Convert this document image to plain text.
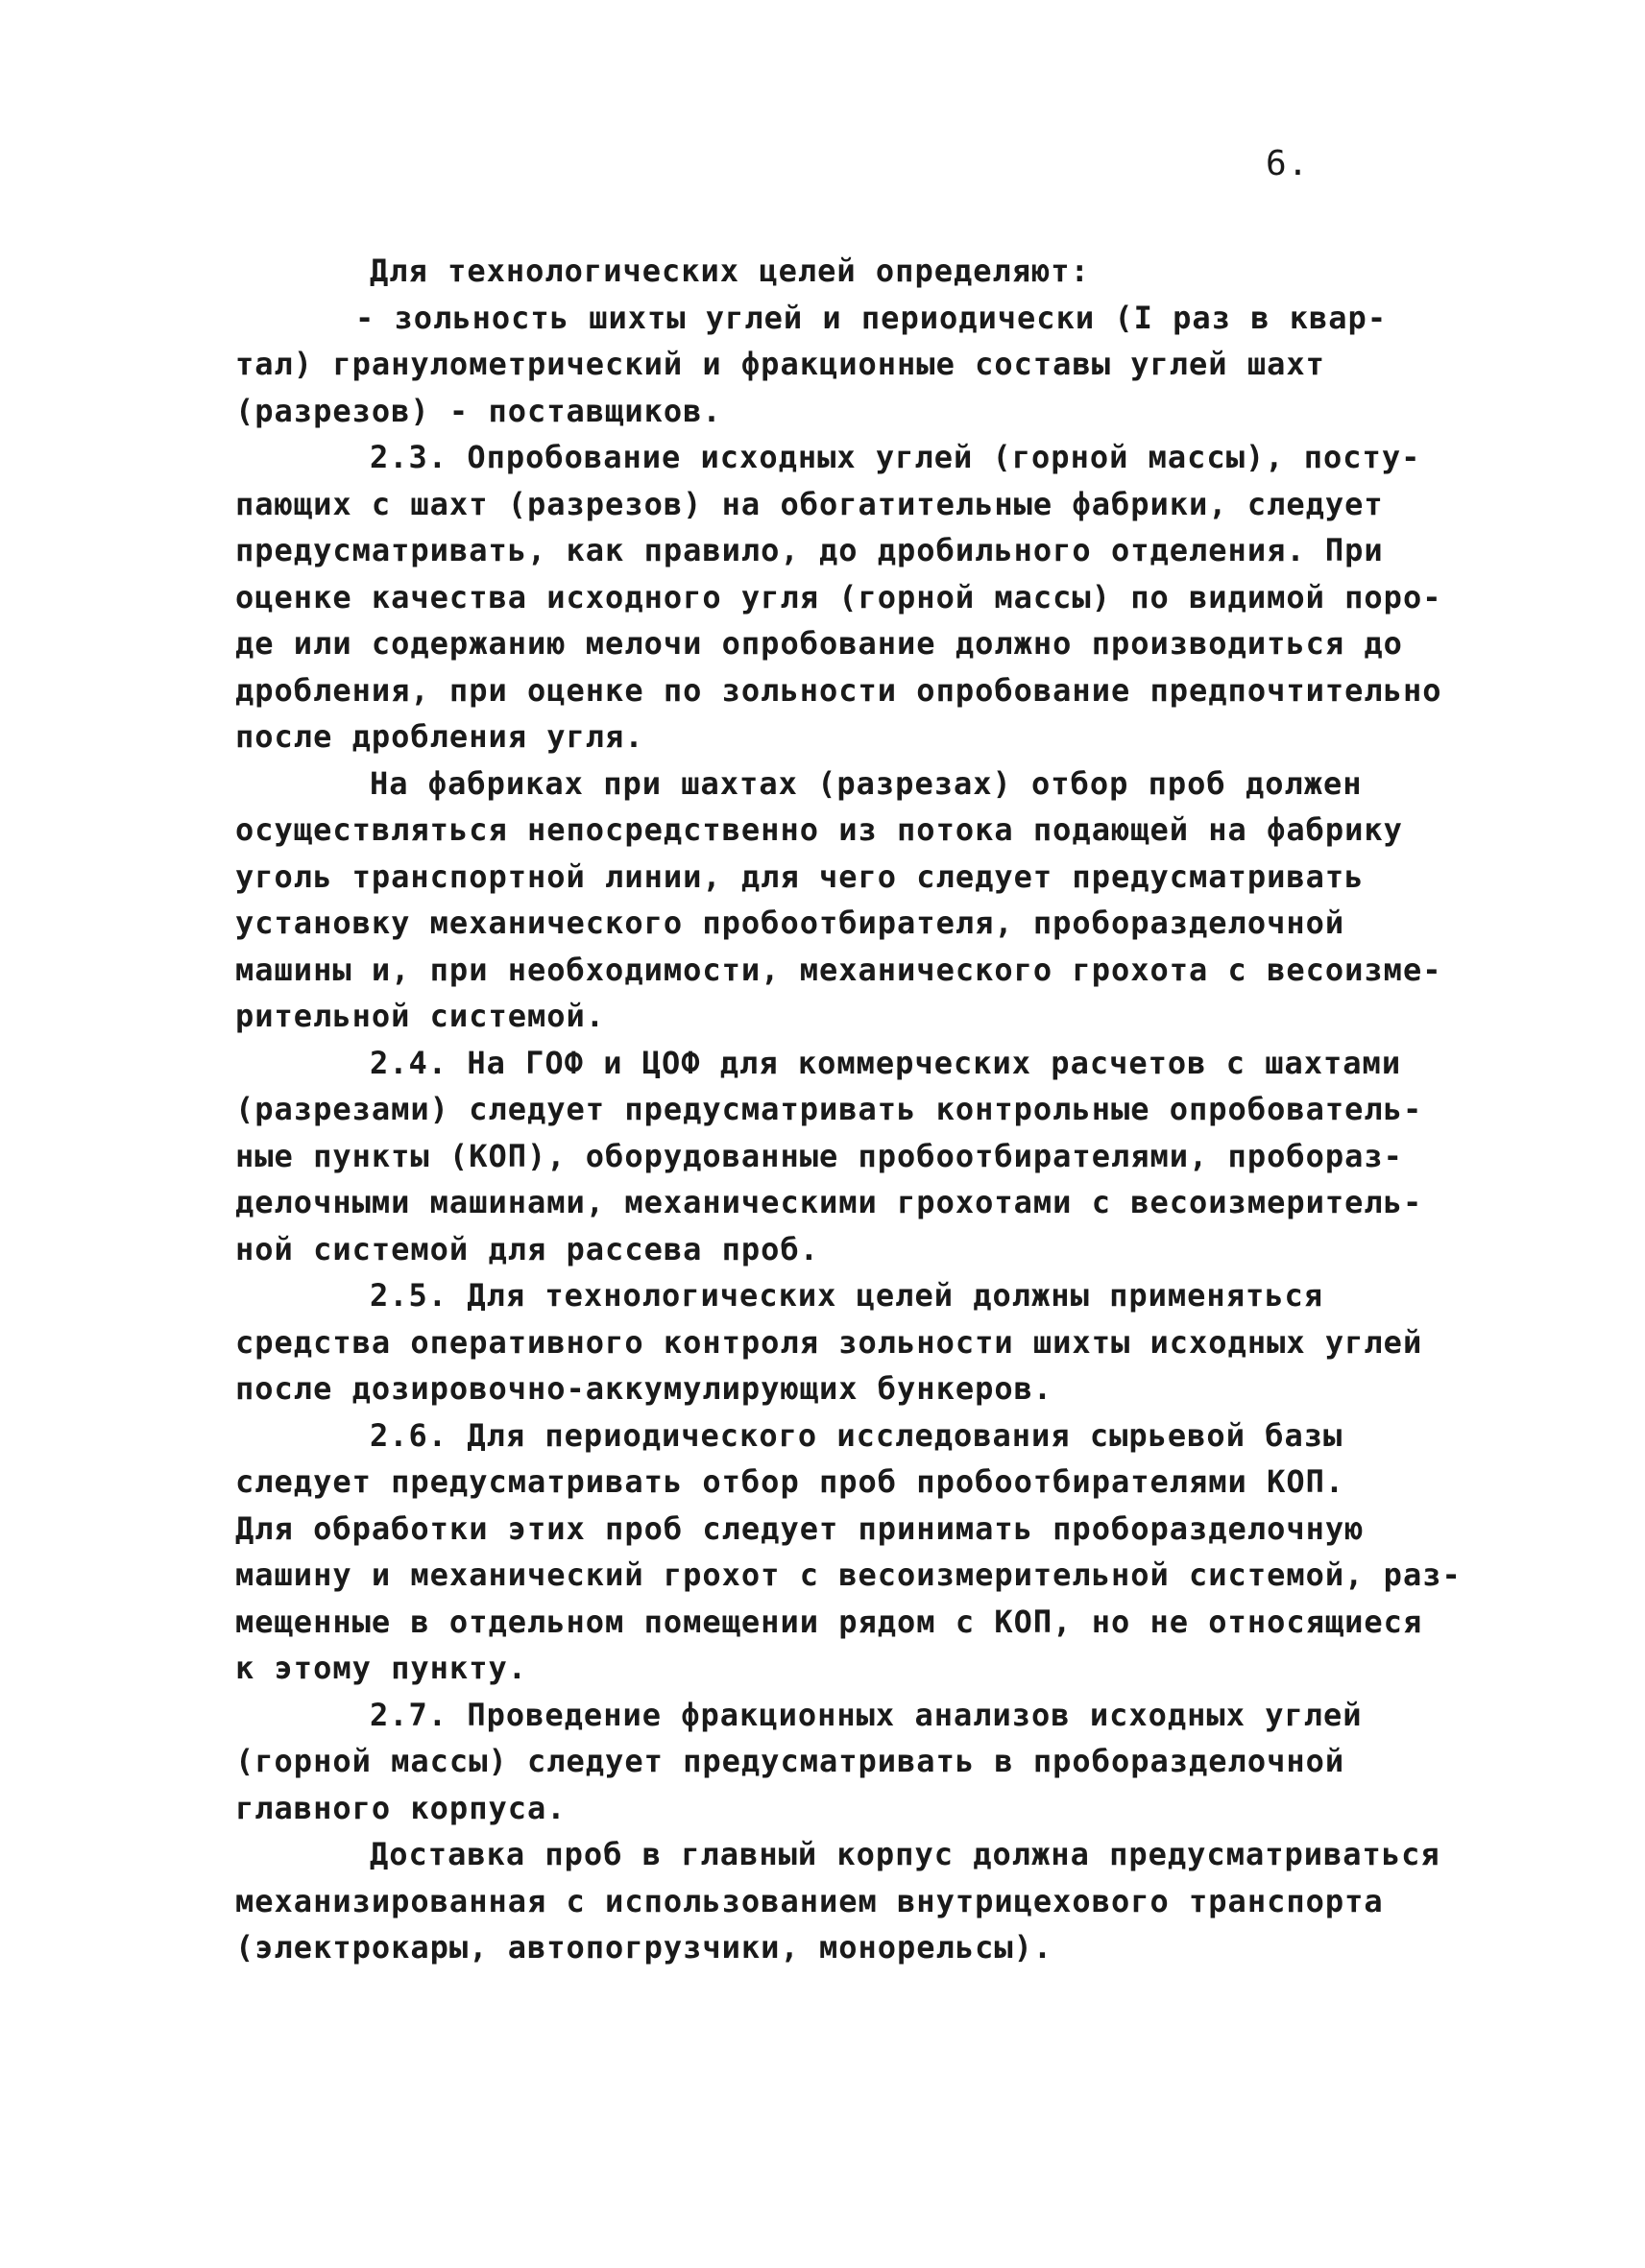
6.

Для технологических целей определяют:

- зольность шихты углей и периодически (I раз в квар-

тал) гранулометрический и фракционные составы углей шахт

(разрезов) - поставщиков.

2.3. Опробование исходных углей (горной массы), посту-

пающих с шахт (разрезов) на обогатительные фабрики, следует

предусматривать, как правило, до дробильного отделения. При

оценке качества исходного угля (горной массы) по видимой поро-

де или содержанию мелочи опробование должно производиться до

дробления, при оценке по зольности опробование предпочтительно

после дробления угля.

На фабриках при шахтах (разрезах) отбор проб должен

осуществляться непосредственно из потока подающей на фабрику

уголь транспортной линии, для чего следует предусматривать

установку механического пробоотбирателя, проборазделочной

машины и, при необходимости, механического грохота с весоизме-

рительной системой.

2.4. На ГОФ и ЦОФ для коммерческих расчетов с шахтами

(разрезами) следует предусматривать контрольные опробователь-

ные пункты (КОП), оборудованные пробоотбирателями, проборaз-

делочными машинами, механическими грохотами с весоизмеритель-

ной системой для рассева проб.

2.5. Для технологических целей должны применяться

средства оперативного контроля зольности шихты исходных углей

после дозировочно-аккумулирующих бункеров.

2.6. Для периодического исследования сырьевой базы

следует предусматривать отбор проб пробоотбирателями КОП.

Для обработки этих проб следует принимать проборазделочную

машину и механический грохот с весоизмерительной системой, раз-

мещенные в отдельном помещении рядом с КОП, но не относящиеся

к этому пункту.

2.7. Проведение фракционных анализов исходных углей

(горной массы) следует предусматривать в проборазделочной

главного корпуса.

Доставка проб в главный корпус должна предусматриваться

механизированная с использованием внутрицехового транспорта

(электрокары, автопогрузчики, монорельсы).
